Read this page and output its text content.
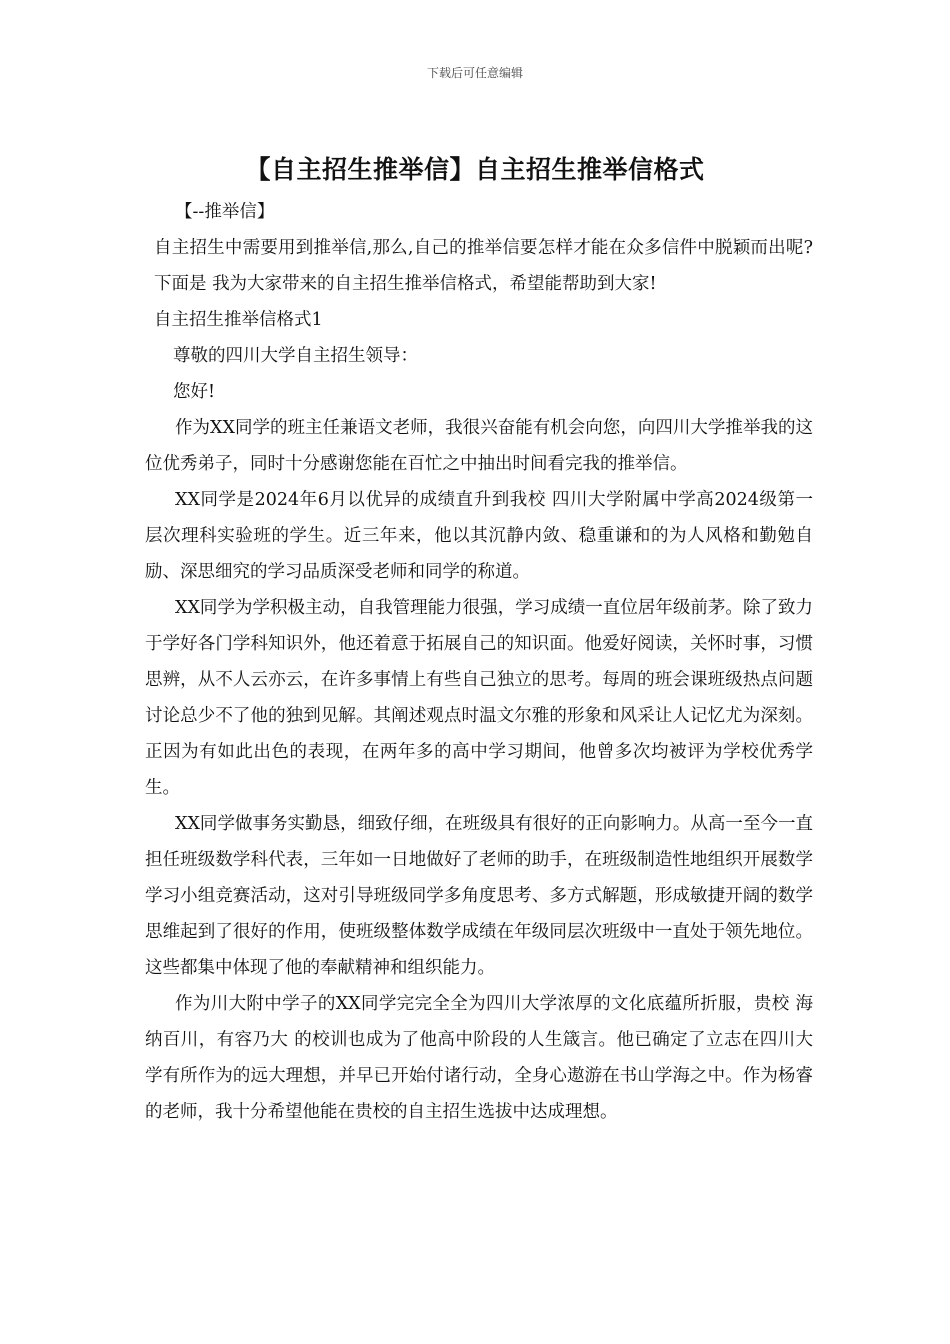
下载后可任意编辑
【自主招生推举信】自主招生推举信格式

【--推举信】

自主招生中需要用到推举信,那么,自己的推举信要怎样才能在众多信件中脱颖而出呢?下面是 我为大家带来的自主招生推举信格式，希望能帮助到大家!

自主招生推举信格式1

尊敬的四川大学自主招生领导：

您好!

作为XX同学的班主任兼语文老师，我很兴奋能有机会向您，向四川大学推举我的这位优秀弟子，同时十分感谢您能在百忙之中抽出时间看完我的推举信。

XX同学是2024年6月以优异的成绩直升到我校 四川大学附属中学高2024级第一层次理科实验班的学生。近三年来，他以其沉静内敛、稳重谦和的为人风格和勤勉自励、深思细究的学习品质深受老师和同学的称道。

XX同学为学积极主动，自我管理能力很强，学习成绩一直位居年级前茅。除了致力于学好各门学科知识外，他还着意于拓展自己的知识面。他爱好阅读，关怀时事，习惯思辨，从不人云亦云，在许多事情上有些自己独立的思考。每周的班会课班级热点问题讨论总少不了他的独到见解。其阐述观点时温文尔雅的形象和风采让人记忆尤为深刻。正因为有如此出色的表现，在两年多的高中学习期间，他曾多次均被评为学校优秀学生。

XX同学做事务实勤恳，细致仔细，在班级具有很好的正向影响力。从高一至今一直担任班级数学科代表，三年如一日地做好了老师的助手，在班级制造性地组织开展数学学习小组竞赛活动，这对引导班级同学多角度思考、多方式解题，形成敏捷开阔的数学思维起到了很好的作用，使班级整体数学成绩在年级同层次班级中一直处于领先地位。这些都集中体现了他的奉献精神和组织能力。

作为川大附中学子的XX同学完完全全为四川大学浓厚的文化底蕴所折服，贵校 海纳百川，有容乃大 的校训也成为了他高中阶段的人生箴言。他已确定了立志在四川大学有所作为的远大理想，并早已开始付诸行动，全身心遨游在书山学海之中。作为杨睿的老师，我十分希望他能在贵校的自主招生选拔中达成理想。
